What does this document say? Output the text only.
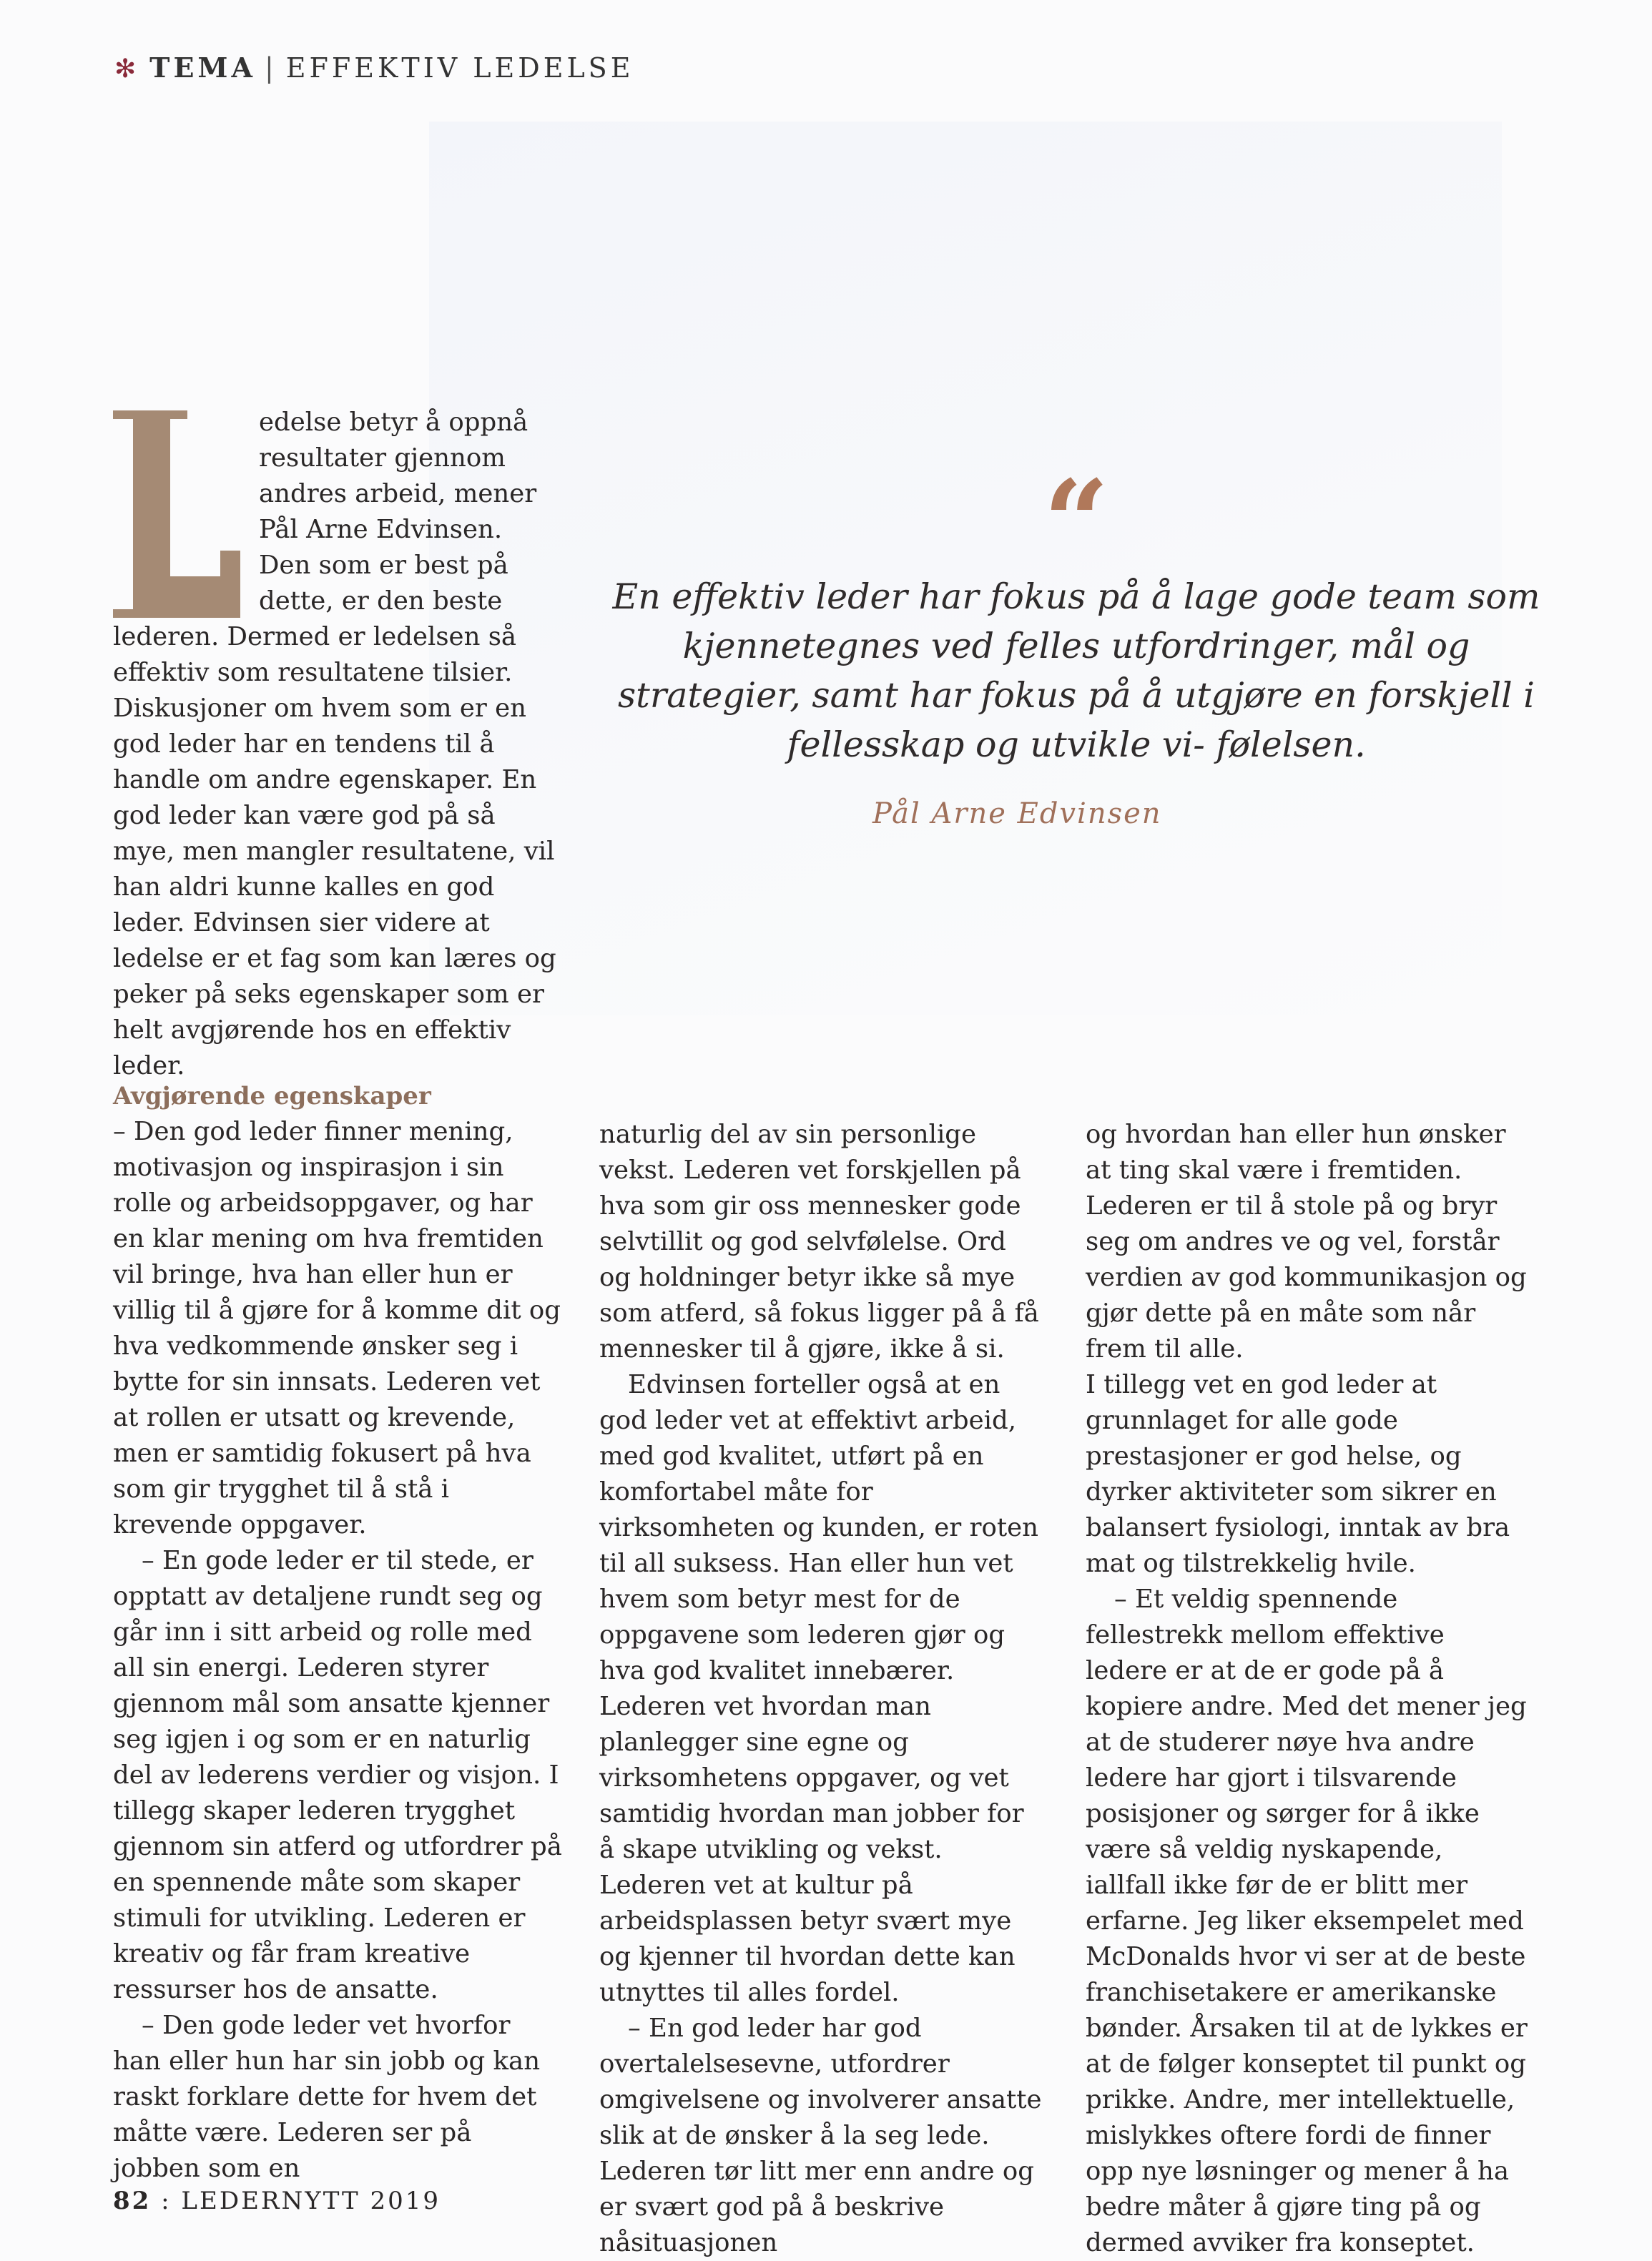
✻ TEMA | EFFEKTIV LEDELSE

edelse betyr å oppnå resultater gjennom andres arbeid, mener Pål Arne Edvinsen. Den som er best på dette, er den beste lederen. Dermed er ledelsen så effektiv som resultatene tilsier. Diskusjoner om hvem som er en god leder har en tendens til å handle om andre egenskaper. En god leder kan være god på så mye, men mangler resultatene, vil han aldri kunne kalles en god leder. Edvinsen sier videre at ledelse er et fag som kan læres og peker på seks egenskaper som er helt avgjørende hos en effektiv leder.

“
En effektiv leder har fokus på å lage gode team som kjennetegnes ved felles utfordringer, mål og strategier, samt har fokus på å utgjøre en forskjell i fellesskap og utvikle vi- følelsen.
Pål Arne Edvinsen

Avgjørende egenskaper

– Den god leder finner mening, motivasjon og inspirasjon i sin rolle og arbeidsoppgaver, og har en klar mening om hva fremtiden vil bringe, hva han eller hun er villig til å gjøre for å komme dit og hva vedkommende ønsker seg i bytte for sin innsats. Lederen vet at rollen er utsatt og krevende, men er samtidig fokusert på hva som gir trygghet til å stå i krevende oppgaver.

– En gode leder er til stede, er opptatt av detaljene rundt seg og går inn i sitt arbeid og rolle med all sin energi. Lederen styrer gjennom mål som ansatte kjenner seg igjen i og som er en naturlig del av lederens verdier og visjon. I tillegg skaper lederen trygghet gjennom sin atferd og utfordrer på en spennende måte som skaper stimuli for utvikling. Lederen er kreativ og får fram kreative ressurser hos de ansatte.

– Den gode leder vet hvorfor han eller hun har sin jobb og kan raskt forklare dette for hvem det måtte være. Lederen ser på jobben som en

naturlig del av sin personlige vekst. Lederen vet forskjellen på hva som gir oss mennesker gode selvtillit og god selvfølelse. Ord og holdninger betyr ikke så mye som atferd, så fokus ligger på å få mennesker til å gjøre, ikke å si.

Edvinsen forteller også at en god leder vet at effektivt arbeid, med god kvalitet, utført på en komfortabel måte for virksomheten og kunden, er roten til all suksess. Han eller hun vet hvem som betyr mest for de oppgavene som lederen gjør og hva god kvalitet innebærer. Lederen vet hvordan man planlegger sine egne og virksomhetens oppgaver, og vet samtidig hvordan man jobber for å skape utvikling og vekst. Lederen vet at kultur på arbeidsplassen betyr svært mye og kjenner til hvordan dette kan utnyttes til alles fordel.

– En god leder har god overtalelsesevne, utfordrer omgivelsene og involverer ansatte slik at de ønsker å la seg lede. Lederen tør litt mer enn andre og er svært god på å beskrive nåsituasjonen

og hvordan han eller hun ønsker at ting skal være i fremtiden. Lederen er til å stole på og bryr seg om andres ve og vel, forstår verdien av god kommunikasjon og gjør dette på en måte som når frem til alle.

I tillegg vet en god leder at grunnlaget for alle gode prestasjoner er god helse, og dyrker aktiviteter som sikrer en balansert fysiologi, inntak av bra mat og tilstrekkelig hvile.

– Et veldig spennende fellestrekk mellom effektive ledere er at de er gode på å kopiere andre. Med det mener jeg at de studerer nøye hva andre ledere har gjort i tilsvarende posisjoner og sørger for å ikke være så veldig nyskapende, iallfall ikke før de er blitt mer erfarne. Jeg liker eksempelet med McDonalds hvor vi ser at de beste franchisetakere er amerikanske bønder. Årsaken til at de lykkes er at de følger konseptet til punkt og prikke. Andre, mer intellektuelle, mislykkes oftere fordi de finner opp nye løsninger og mener å ha bedre måter å gjøre ting på og dermed avviker fra konseptet.

82 : LEDERNYTT 2019
